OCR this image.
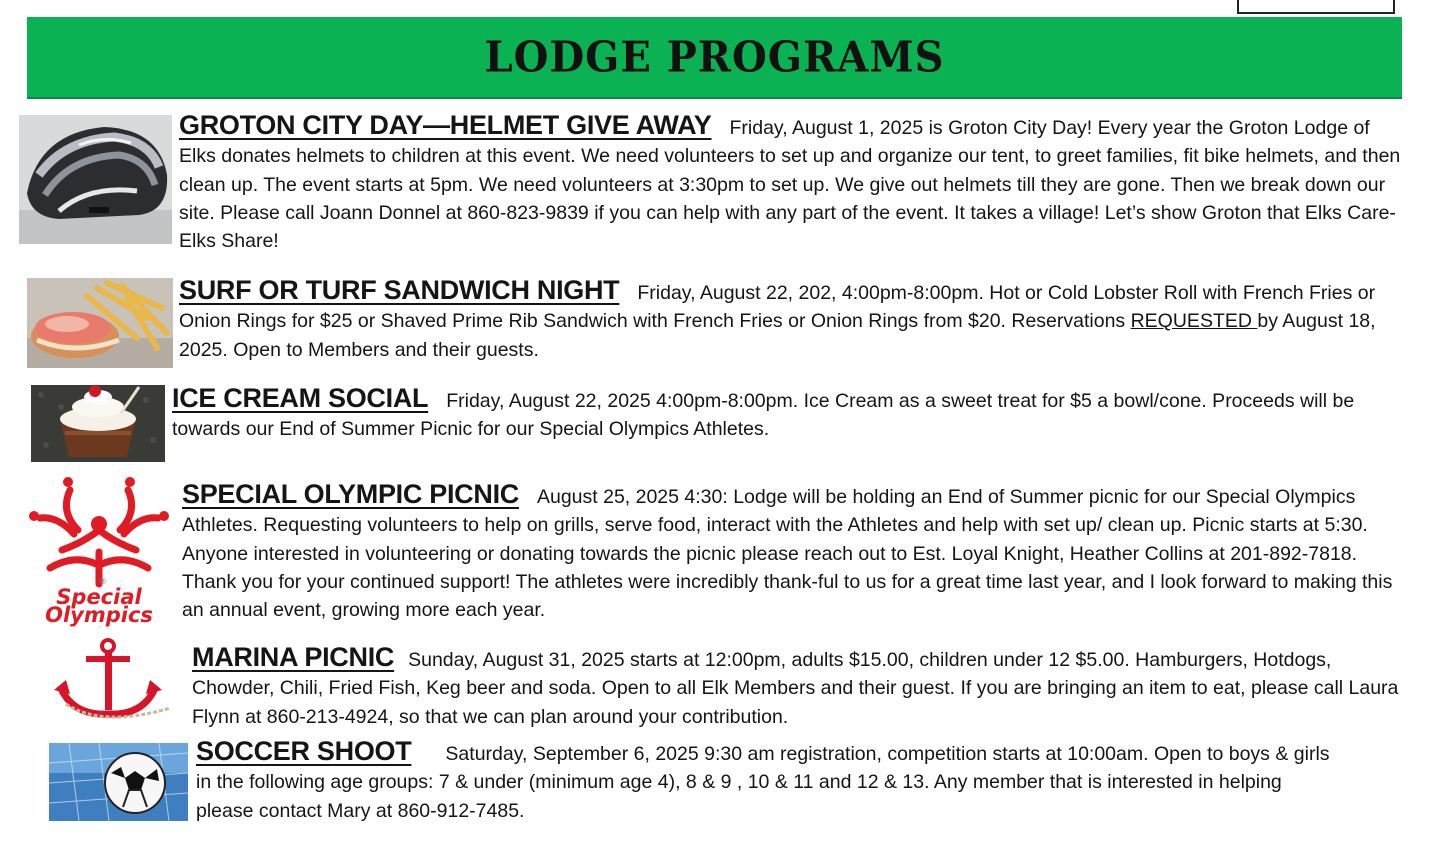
LODGE PROGRAMS
GROTON CITY DAY—HELMET GIVE AWAY Friday, August 1, 2025 is Groton City Day! Every year the Groton Lodge of Elks donates helmets to children at this event. We need volunteers to set up and organize our tent, to greet families, fit bike helmets, and then clean up. The event starts at 5pm. We need volunteers at 3:30pm to set up. We give out helmets till they are gone. Then we break down our site. Please call Joann Donnel at 860-823-9839 if you can help with any part of the event. It takes a village! Let’s show Groton that Elks Care- Elks Share!
SURF OR TURF SANDWICH NIGHT Friday, August 22, 202, 4:00pm-8:00pm. Hot or Cold Lobster Roll with French Fries or Onion Rings for $25 or Shaved Prime Rib Sandwich with French Fries or Onion Rings from $20. Reservations REQUESTED by August 18, 2025. Open to Members and their guests.
ICE CREAM SOCIAL Friday, August 22, 2025 4:00pm-8:00pm. Ice Cream as a sweet treat for $5 a bowl/cone. Proceeds will be towards our End of Summer Picnic for our Special Olympics Athletes.
®
Special
Olympics
SPECIAL OLYMPIC PICNIC August 25, 2025 4:30: Lodge will be holding an End of Summer picnic for our Special Olympics Athletes. Requesting volunteers to help on grills, serve food, interact with the Athletes and help with set up/ clean up. Picnic starts at 5:30. Anyone interested in volunteering or donating towards the picnic please reach out to Est. Loyal Knight, Heather Collins at 201-892-7818. Thank you for your continued support! The athletes were incredibly thank-ful to us for a great time last year, and I look forward to making this an annual event, growing more each year.
MARINA PICNIC Sunday, August 31, 2025 starts at 12:00pm, adults $15.00, children under 12 $5.00. Hamburgers, Hotdogs, Chowder, Chili, Fried Fish, Keg beer and soda. Open to all Elk Members and their guest. If you are bringing an item to eat, please call Laura Flynn at 860-213-4924, so that we can plan around your contribution.
SOCCER SHOOT Saturday, September 6, 2025 9:30 am registration, competition starts at 10:00am. Open to boys & girls in the following age groups: 7 & under (minimum age 4), 8 & 9 , 10 & 11 and 12 & 13. Any member that is interested in helping please contact Mary at 860-912-7485.
